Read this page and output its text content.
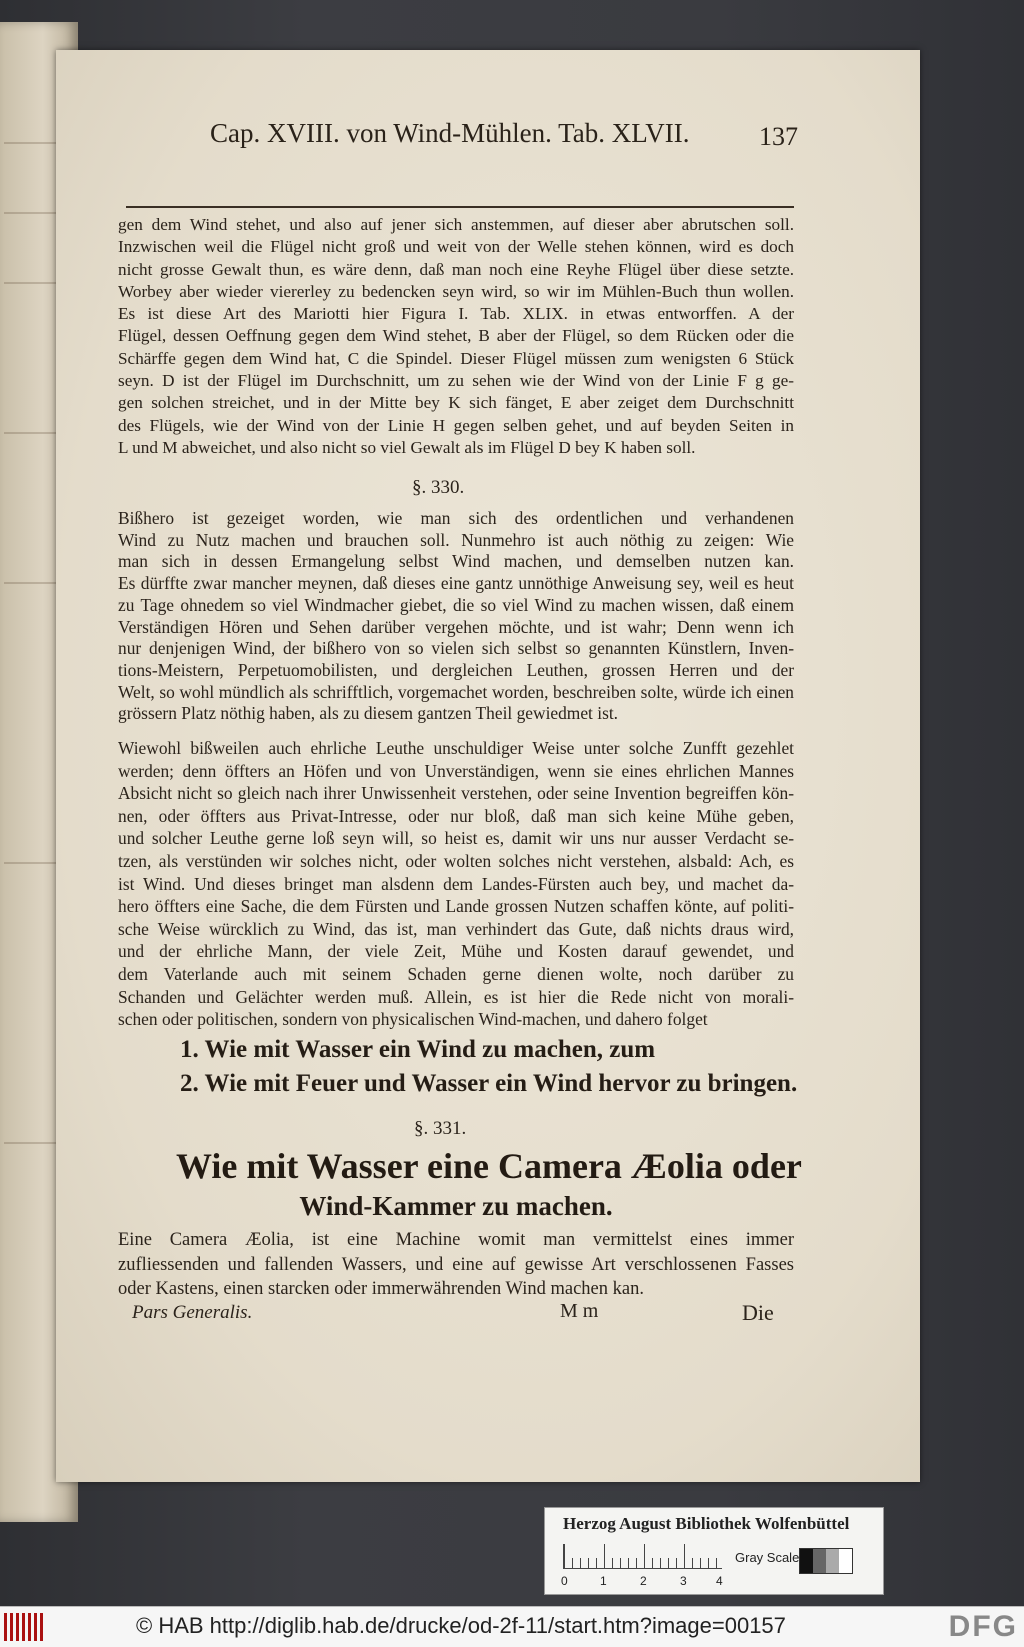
Cap. XVIII. von Wind-Mühlen. Tab. XLVII.	137
gen dem Wind stehet, und also auf jener sich anstemmen, auf dieser aber abrutschen soll.
Inzwischen weil die Flügel nicht groß und weit von der Welle stehen können, wird es doch
nicht grosse Gewalt thun, es wäre denn, daß man noch eine Reyhe Flügel über diese setzte.
Worbey aber wieder viererley zu bedencken seyn wird, so wir im Mühlen-Buch thun wollen.
Es ist diese Art des Mariotti hier Figura I. Tab. XLIX. in etwas entworffen. A der
Flügel, dessen Oeffnung gegen dem Wind stehet, B aber der Flügel, so dem Rücken oder die
Schärffe gegen dem Wind hat, C die Spindel. Dieser Flügel müssen zum wenigsten 6 Stück
seyn. D ist der Flügel im Durchschnitt, um zu sehen wie der Wind von der Linie F g ge-
gen solchen streichet, und in der Mitte bey K sich fänget, E aber zeiget dem Durchschnitt
des Flügels, wie der Wind von der Linie H gegen selben gehet, und auf beyden Seiten in
L und M abweichet, und also nicht so viel Gewalt als im Flügel D bey K haben soll.
§. 330.
Bißhero ist gezeiget worden, wie man sich des ordentlichen und verhandenen
Wind zu Nutz machen und brauchen soll. Nunmehro ist auch nöthig zu zeigen: Wie
man sich in dessen Ermangelung selbst Wind machen, und demselben nutzen kan.
Es dürffte zwar mancher meynen, daß dieses eine gantz unnöthige Anweisung sey, weil es heut
zu Tage ohnedem so viel Windmacher giebet, die so viel Wind zu machen wissen, daß einem
Verständigen Hören und Sehen darüber vergehen möchte, und ist wahr; Denn wenn ich
nur denjenigen Wind, der bißhero von so vielen sich selbst so genannten Künstlern, Inven-
tions-Meistern, Perpetuomobilisten, und dergleichen Leuthen, grossen Herren und der
Welt, so wohl mündlich als schrifftlich, vorgemachet worden, beschreiben solte, würde ich einen
grössern Platz nöthig haben, als zu diesem gantzen Theil gewiedmet ist.
Wiewohl bißweilen auch ehrliche Leuthe unschuldiger Weise unter solche Zunfft gezehlet
werden; denn öffters an Höfen und von Unverständigen, wenn sie eines ehrlichen Mannes
Absicht nicht so gleich nach ihrer Unwissenheit verstehen, oder seine Invention begreiffen kön-
nen, oder öffters aus Privat-Intresse, oder nur bloß, daß man sich keine Mühe geben,
und solcher Leuthe gerne loß seyn will, so heist es, damit wir uns nur ausser Verdacht se-
tzen, als verstünden wir solches nicht, oder wolten solches nicht verstehen, alsbald: Ach, es
ist Wind. Und dieses bringet man alsdenn dem Landes-Fürsten auch bey, und machet da-
hero öffters eine Sache, die dem Fürsten und Lande grossen Nutzen schaffen könte, auf politi-
sche Weise würcklich zu Wind, das ist, man verhindert das Gute, daß nichts draus wird,
und der ehrliche Mann, der viele Zeit, Mühe und Kosten darauf gewendet, und
dem Vaterlande auch mit seinem Schaden gerne dienen wolte, noch darüber zu
Schanden und Gelächter werden muß. Allein, es ist hier die Rede nicht von morali-
schen oder politischen, sondern von physicalischen Wind-machen, und dahero folget
1. Wie mit Wasser ein Wind zu machen, zum
2. Wie mit Feuer und Wasser ein Wind hervor zu bringen.
§. 331.
Wie mit Wasser eine Camera Æolia oder
Wind-Kammer zu machen.
Eine Camera Æolia, ist eine Machine womit man vermittelst eines immer
zufliessenden und fallenden Wassers, und eine auf gewisse Art verschlossenen Fasses
oder Kastens, einen starcken oder immerwährenden Wind machen kan.
Pars Generalis.	M m	Die
Herzog August Bibliothek Wolfenbüttel
0	1	2	3 4
Gray Scale
© HAB http://diglib.hab.de/drucke/od-2f-11/start.htm?image=00157	DFG
